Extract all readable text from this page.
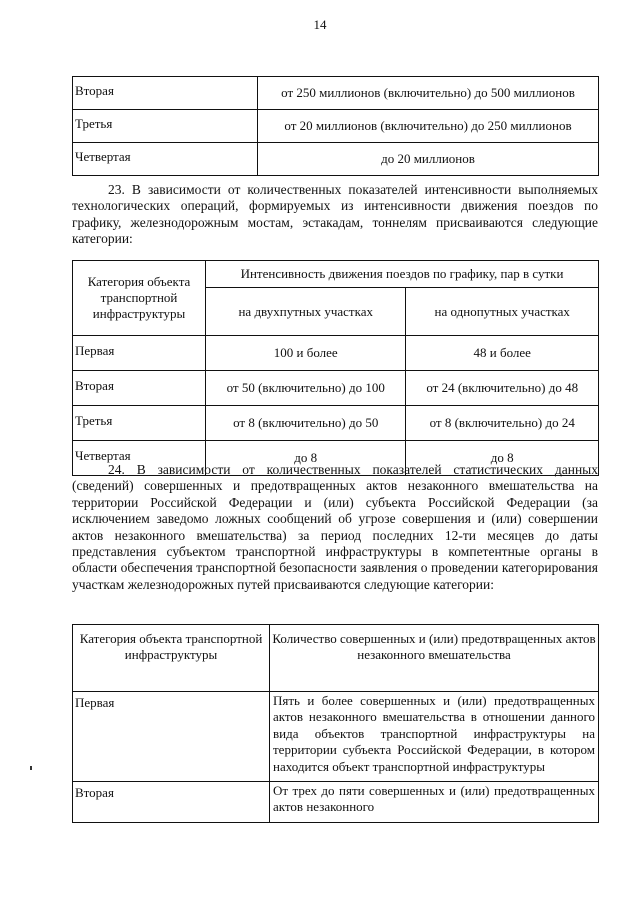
14
Вторая	от 250 миллионов (включительно) до 500 миллионов
Третья	от 20 миллионов (включительно) до 250 миллионов
Четвертая	до 20 миллионов

23. В зависимости от количественных показателей интенсивности выполняемых технологических операций, формируемых из интенсивности движения поездов по графику, железнодорожным мостам, эстакадам, тоннелям присваиваются следующие категории:

Категория объекта транспортной инфраструктуры	Интенсивность движения поездов по графику, пар в сутки	
	на двухпутных участках	на однопутных участках
Первая	100 и более	48 и более
Вторая	от 50 (включительно) до 100	от 24 (включительно) до 48
Третья	от 8 (включительно) до 50	от 8 (включительно) до 24
Четвертая	до 8	до 8

24. В зависимости от количественных показателей статистических данных (сведений) совершенных и предотвращенных актов незаконного вмешательства на территории Российской Федерации и (или) субъекта Российской Федерации (за исключением заведомо ложных сообщений об угрозе совершения и (или) совершении актов незаконного вмешательства) за период последних 12-ти месяцев до даты представления субъектом транспортной инфраструктуры в компетентные органы в области обеспечения транспортной безопасности заявления о проведении категорирования участкам железнодорожных путей присваиваются следующие категории:

Категория объекта транспортной инфраструктуры	Количество совершенных и (или) предотвращенных актов незаконного вмешательства
Первая	Пять и более совершенных и (или) предотвращенных актов незаконного вмешательства в отношении данного вида объектов транспортной инфраструктуры на территории субъекта Российской Федерации, в котором находится объект транспортной инфраструктуры
Вторая	От трех до пяти совершенных и (или) предотвращенных актов незаконного
